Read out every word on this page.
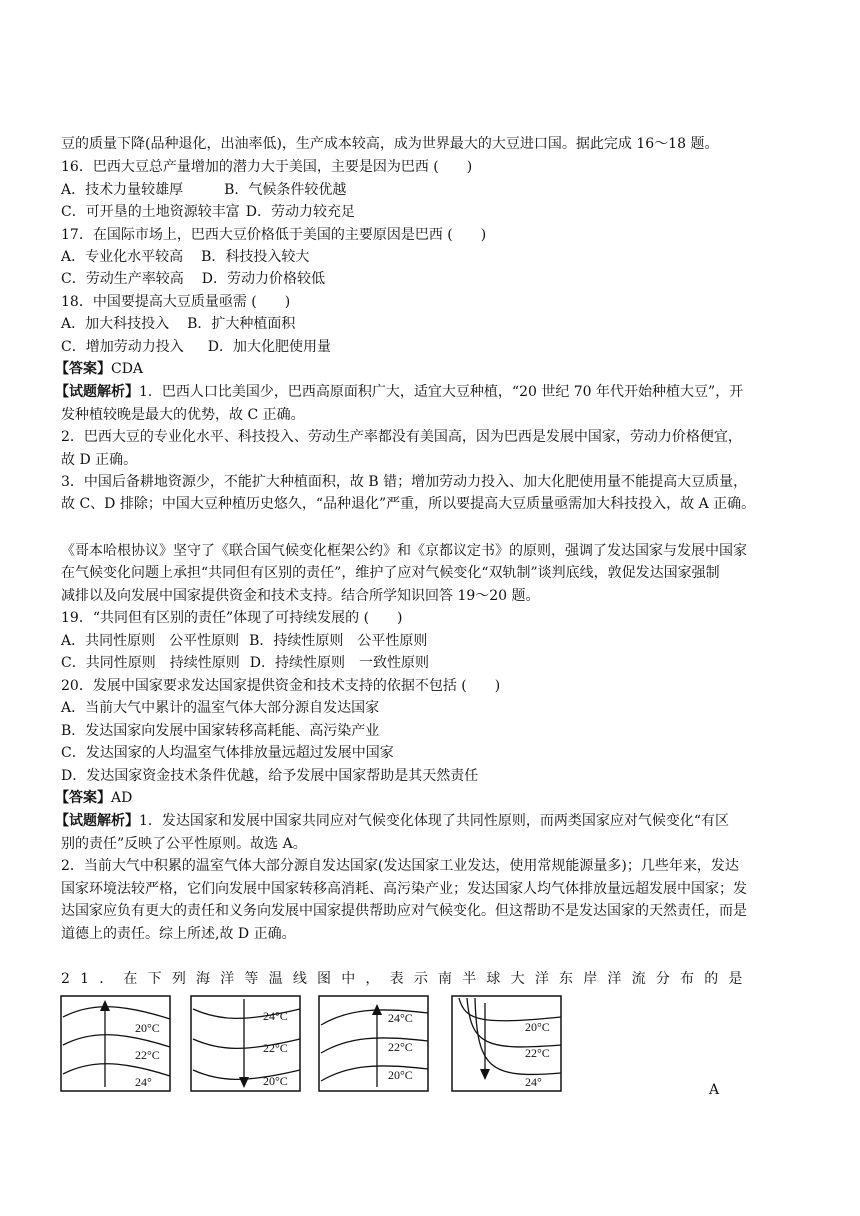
豆的质量下降(品种退化，出油率低)，生产成本较高，成为世界最大的大豆进口国。据此完成 16～18 题。
16．巴西大豆总产量增加的潜力大于美国，主要是因为巴西 (　　)
A．技术力量较雄厚	B．气候条件较优越
C．可开垦的土地资源较丰富 D．劳动力较充足
17．在国际市场上，巴西大豆价格低于美国的主要原因是巴西 (　　)
A．专业化水平较高 B．科技投入较大
C．劳动生产率较高 D．劳动力价格较低
18．中国要提高大豆质量亟需 (　　)
A．加大科技投入 B．扩大种植面积
C．增加劳动力投入 D．加大化肥使用量
【答案】CDA
【试题解析】1．巴西人口比美国少，巴西高原面积广大，适宜大豆种植，“20 世纪 70 年代开始种植大豆”，开
发种植较晚是最大的优势，故 C 正确。
2．巴西大豆的专业化水平、科技投入、劳动生产率都没有美国高，因为巴西是发展中国家，劳动力价格便宜，
故 D 正确。
3．中国后备耕地资源少，不能扩大种植面积，故 B 错；增加劳动力投入、加大化肥使用量不能提高大豆质量，
故 C、D 排除；中国大豆种植历史悠久，“品种退化”严重，所以要提高大豆质量亟需加大科技投入，故 A 正确。
《哥本哈根协议》坚守了《联合国气候变化框架公约》和《京都议定书》的原则，强调了发达国家与发展中国家
在气候变化问题上承担“共同但有区别的责任”，维护了应对气候变化“双轨制”谈判底线，敦促发达国家强制
减排以及向发展中国家提供资金和技术支持。结合所学知识回答 19～20 题。
19．“共同但有区别的责任”体现了可持续发展的 (　　)
A．共同性原则　公平性原则 B．持续性原则　公平性原则
C．共同性原则　持续性原则 D．持续性原则　一致性原则
20．发展中国家要求发达国家提供资金和技术支持的依据不包括 (　　)
A．当前大气中累计的温室气体大部分源自发达国家
B．发达国家向发展中国家转移高耗能、高污染产业
C．发达国家的人均温室气体排放量远超过发展中国家
D．发达国家资金技术条件优越，给予发展中国家帮助是其天然责任
【答案】AD
【试题解析】1．发达国家和发展中国家共同应对气候变化体现了共同性原则，而两类国家应对气候变化“有区
别的责任”反映了公平性原则。故选 A。
2．当前大气中积累的温室气体大部分源自发达国家(发达国家工业发达，使用常规能源量多)；几些年来，发达
国家环境法较严格，它们向发展中国家转移高消耗、高污染产业；发达国家人均气体排放量远超发展中国家；发
达国家应负有更大的责任和义务向发展中国家提供帮助应对气候变化。但这帮助不是发达国家的天然责任，而是
道德上的责任。综上所述,故 D 正确。
21．在下列海洋等温线图中，表示南半球大洋东岸洋流分布的是
20°C
22°C
24°
24°C
22°C
20°C
24°C
22°C
20°C
20°C
22°C
24°	A
